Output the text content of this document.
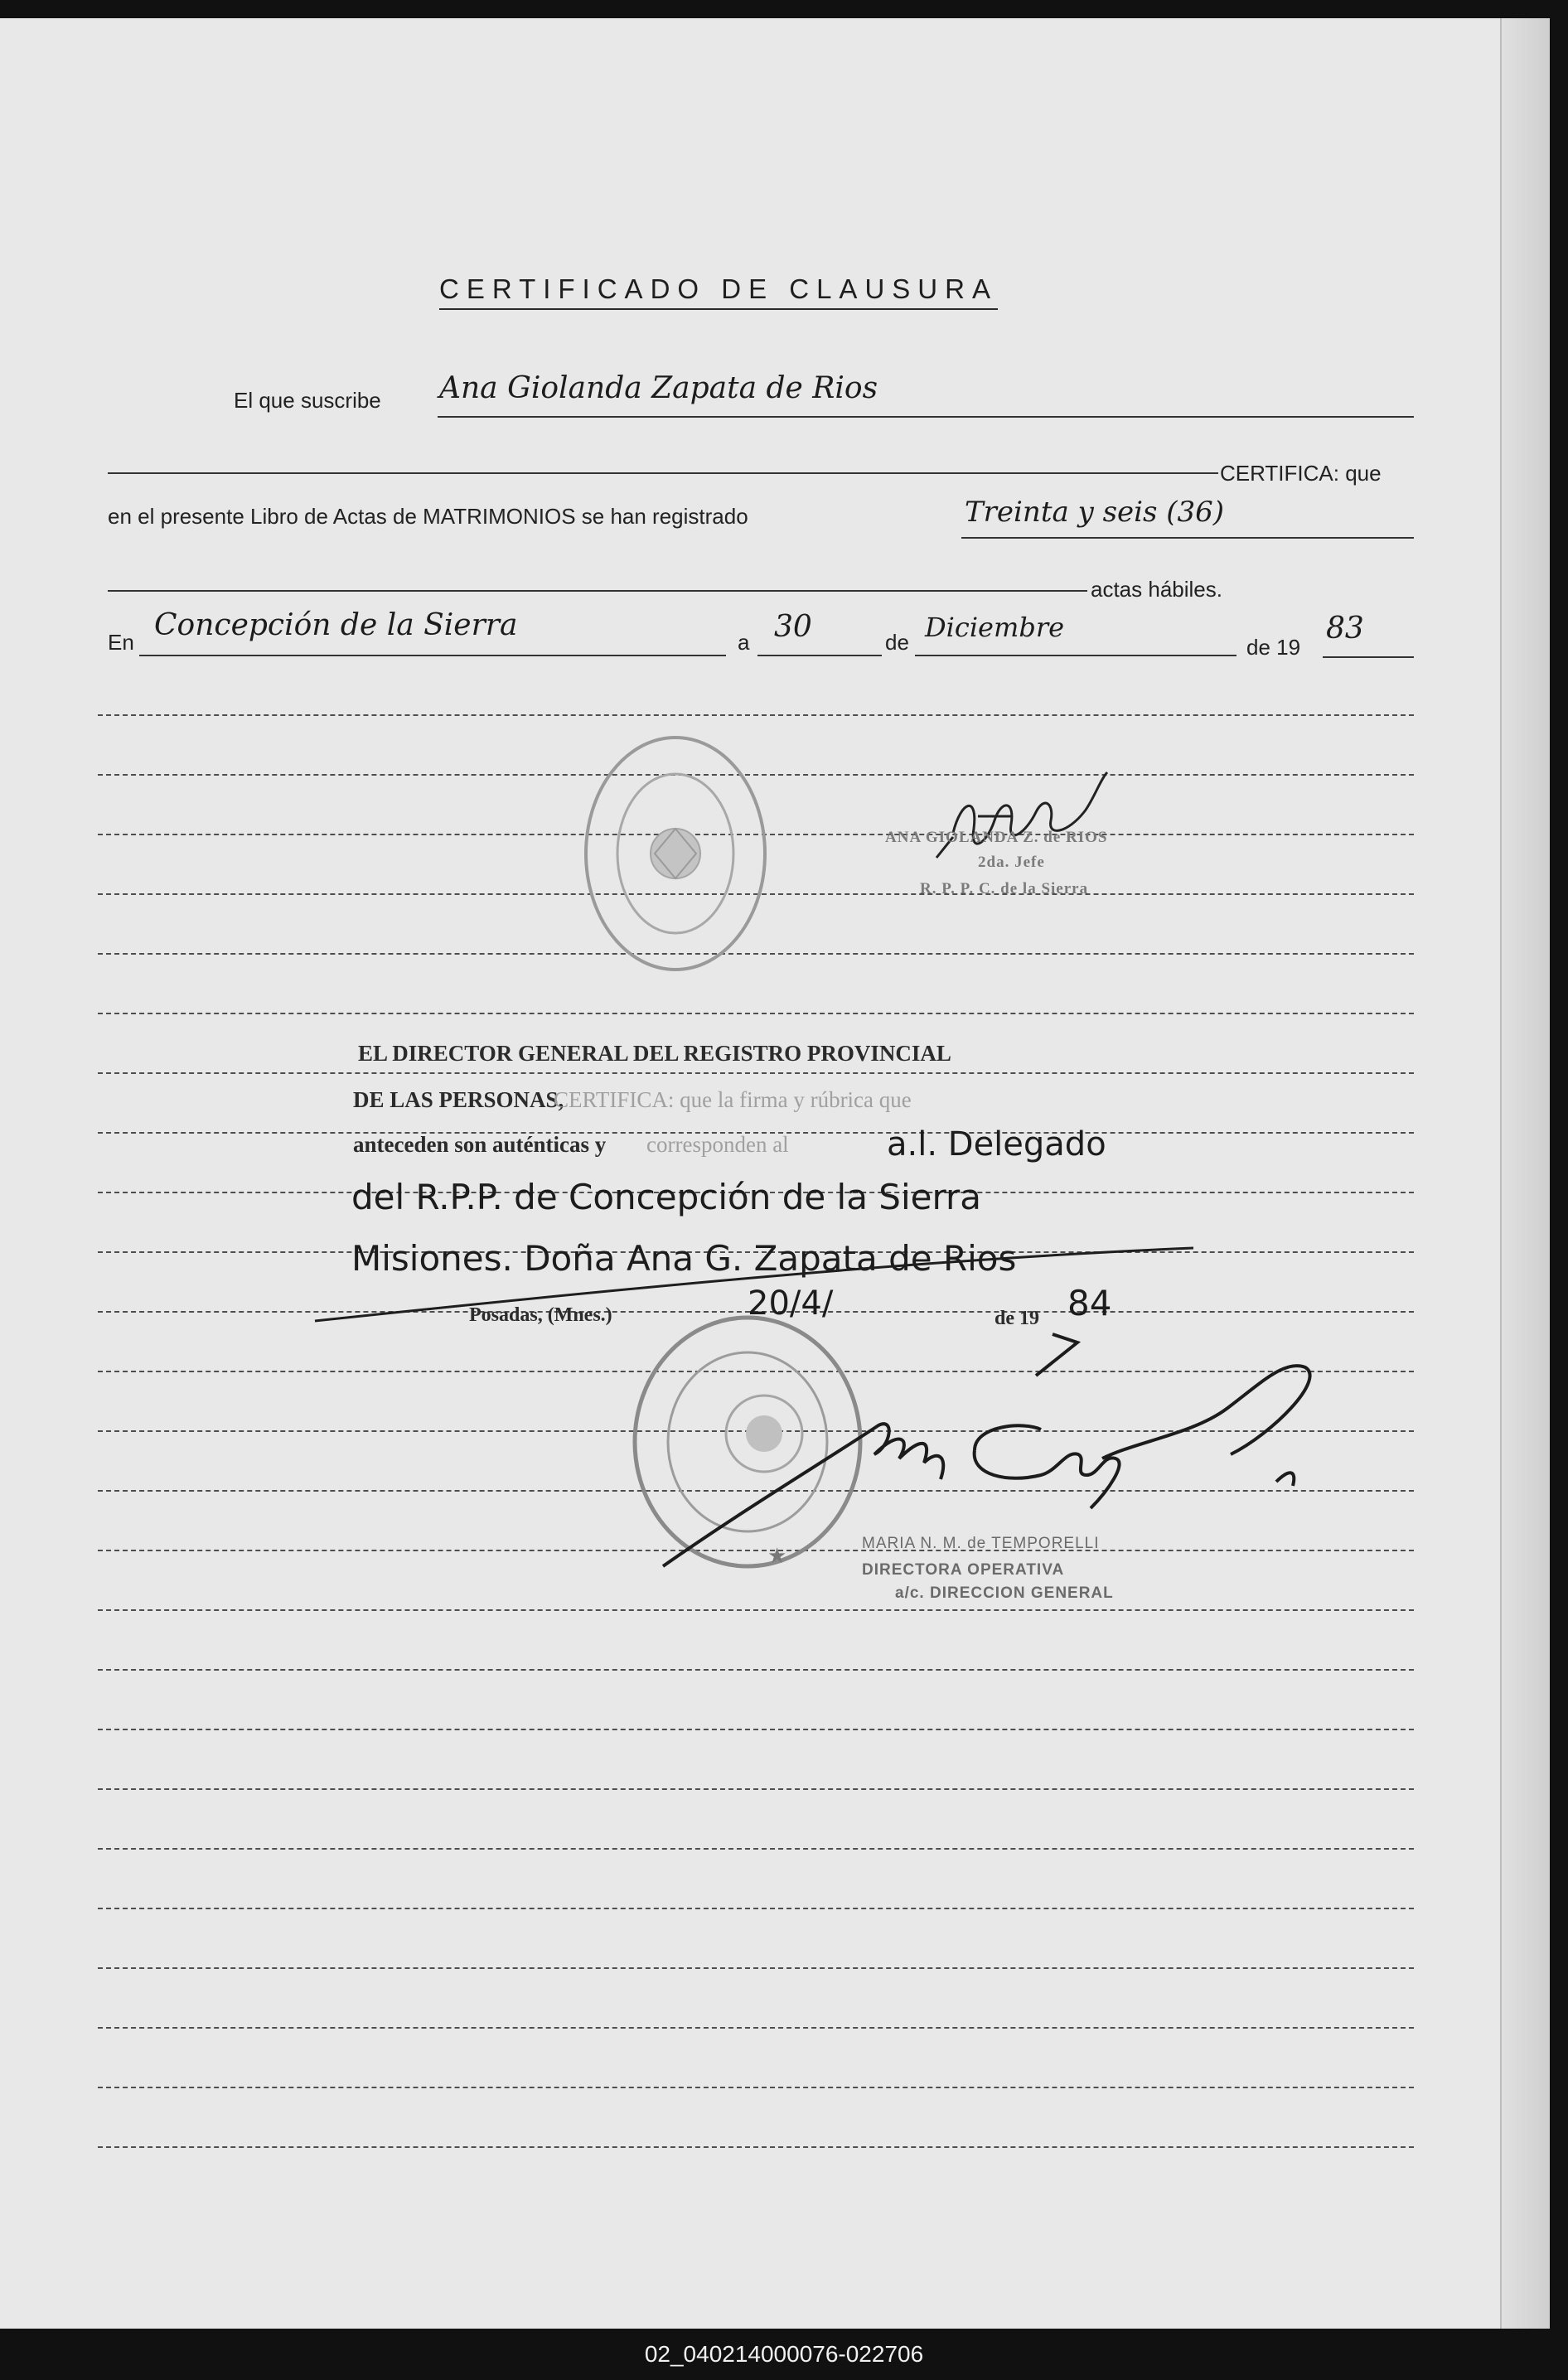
CERTIFICADO DE CLAUSURA
El que suscribe Ana Giolanda Zapata de Rios
CERTIFICA: que
en el presente Libro de Actas de MATRIMONIOS se han registrado	Treinta y seis (36)
actas hábiles.
En Concepción de la Sierra	a 30	de Diciembre
de 19
83
ANA GIOLANDA Z. de RIOS
2da. Jefe
R. P. P. C. de la Sierra
EL DIRECTOR GENERAL DEL REGISTRO PROVINCIAL
DE LAS PERSONAS,
CERTIFICA: que la firma y rúbrica que
anteceden son auténticas y corresponden al	a.l. Delegado
del R.P.P. de Concepción de la Sierra
Misiones. Doña Ana G. Zapata de Rios
Posadas, (Mnes.)	20/4/	de 19 84
★	MARIA N. M. de TEMPORELLI
DIRECTORA OPERATIVA
a/c. DIRECCION GENERAL
02_040214000076-022706
